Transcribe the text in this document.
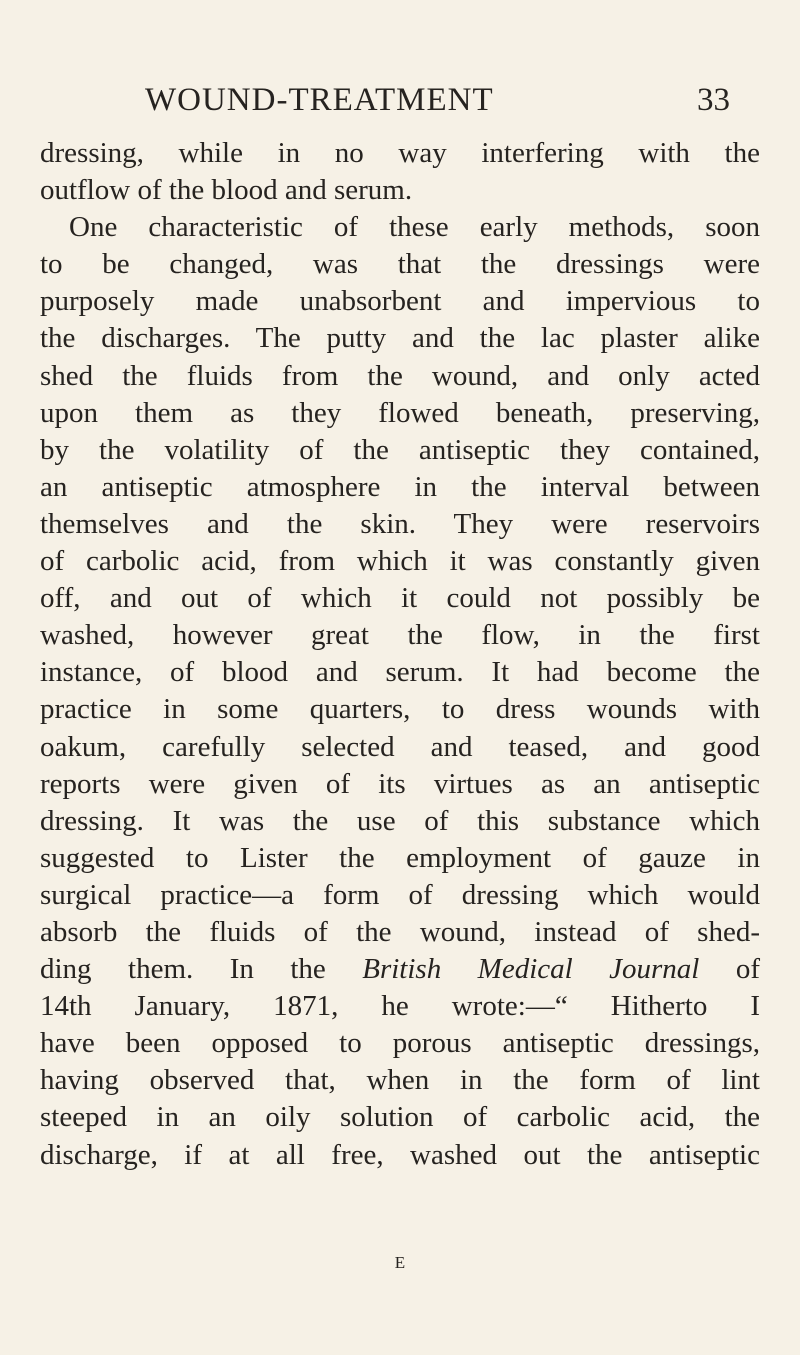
WOUND-TREATMENT	33
dressing, while in no way interfering with the
outflow of the blood and serum.
One characteristic of these early methods, soon
to be changed, was that the dressings were
purposely made unabsorbent and impervious to
the discharges. The putty and the lac plaster alike
shed the fluids from the wound, and only acted
upon them as they flowed beneath, preserving,
by the volatility of the antiseptic they contained,
an antiseptic atmosphere in the interval between
themselves and the skin. They were reservoirs
of carbolic acid, from which it was constantly given
off, and out of which it could not possibly be
washed, however great the flow, in the first
instance, of blood and serum. It had become the
practice in some quarters, to dress wounds with
oakum, carefully selected and teased, and good
reports were given of its virtues as an antiseptic
dressing. It was the use of this substance which
suggested to Lister the employment of gauze in
surgical practice—a form of dressing which would
absorb the fluids of the wound, instead of shed-
ding them. In the British Medical Journal of
14th January, 1871, he wrote:—“ Hitherto I
have been opposed to porous antiseptic dressings,
having observed that, when in the form of lint
steeped in an oily solution of carbolic acid, the
discharge, if at all free, washed out the antiseptic
E
